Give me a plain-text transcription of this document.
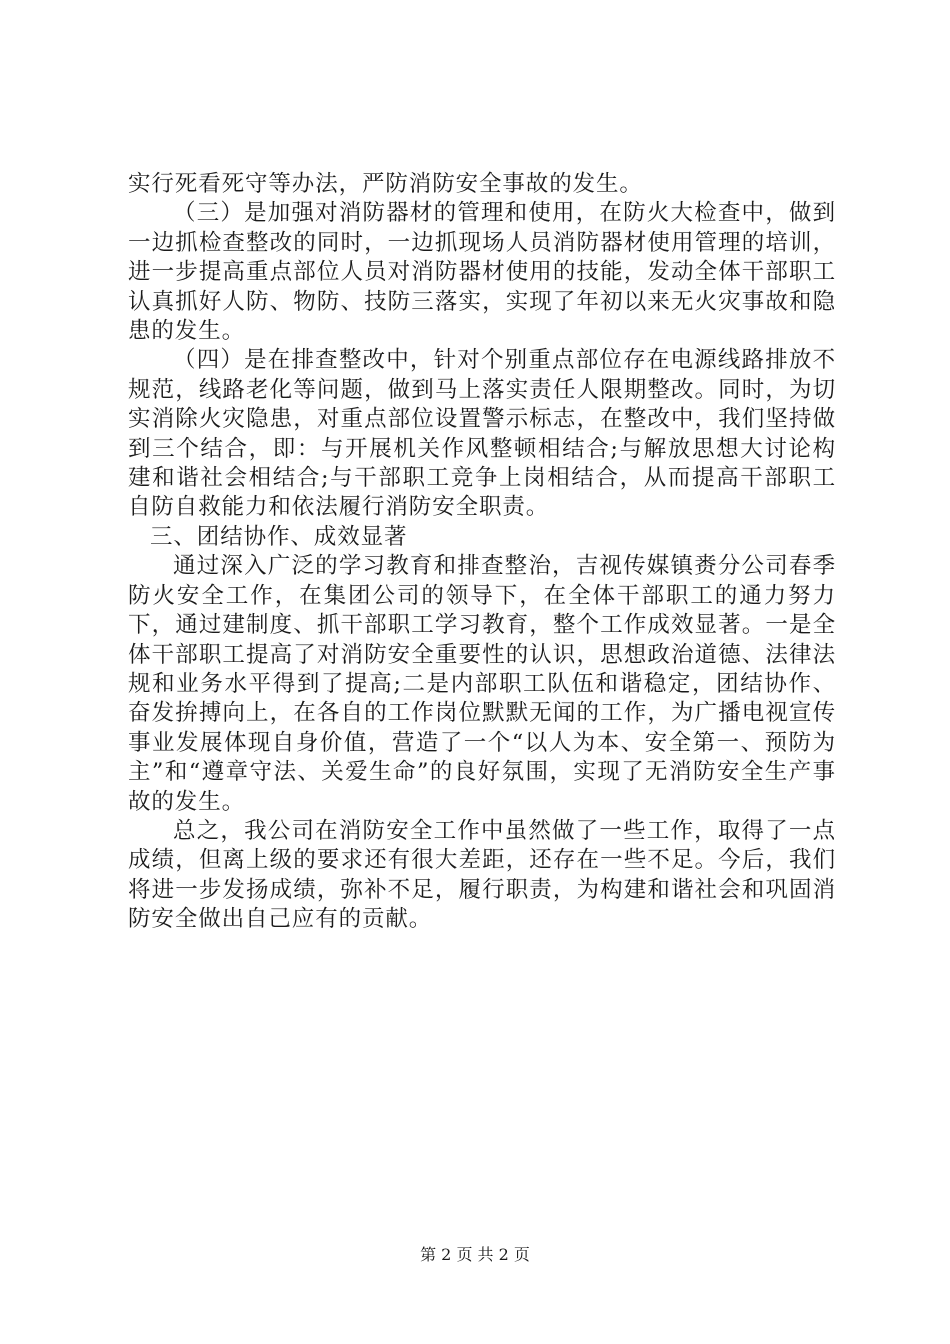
实行死看死守等办法，严防消防安全事故的发生。

（三）是加强对消防器材的管理和使用，在防火大检查中，做到一边抓检查整改的同时，一边抓现场人员消防器材使用管理的培训，进一步提高重点部位人员对消防器材使用的技能，发动全体干部职工认真抓好人防、物防、技防三落实，实现了年初以来无火灾事故和隐患的发生。

（四）是在排查整改中，针对个别重点部位存在电源线路排放不规范，线路老化等问题，做到马上落实责任人限期整改。同时，为切实消除火灾隐患，对重点部位设置警示标志，在整改中，我们坚持做到三个结合，即：与开展机关作风整顿相结合;与解放思想大讨论构建和谐社会相结合;与干部职工竞争上岗相结合，从而提高干部职工自防自救能力和依法履行消防安全职责。

三、团结协作、成效显著

通过深入广泛的学习教育和排查整治，吉视传媒镇赉分公司春季防火安全工作，在集团公司的领导下，在全体干部职工的通力努力下，通过建制度、抓干部职工学习教育，整个工作成效显著。一是全体干部职工提高了对消防安全重要性的认识，思想政治道德、法律法规和业务水平得到了提高;二是内部职工队伍和谐稳定，团结协作、奋发拚搏向上，在各自的工作岗位默默无闻的工作，为广播电视宣传事业发展体现自身价值，营造了一个“以人为本、安全第一、预防为主”和“遵章守法、关爱生命”的良好氛围，实现了无消防安全生产事故的发生。

总之，我公司在消防安全工作中虽然做了一些工作，取得了一点成绩，但离上级的要求还有很大差距，还存在一些不足。今后，我们将进一步发扬成绩，弥补不足，履行职责，为构建和谐社会和巩固消防安全做出自己应有的贡献。

第 2 页 共 2 页
